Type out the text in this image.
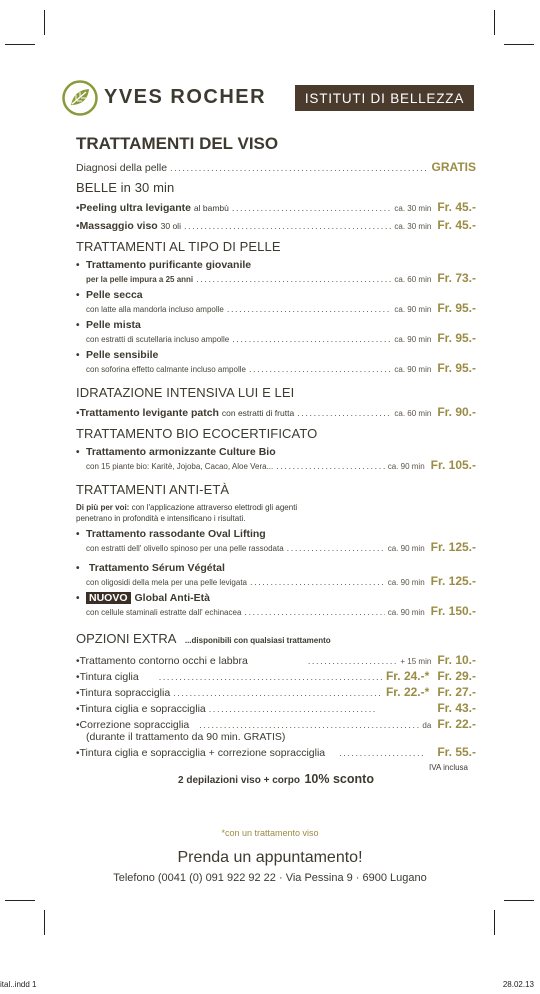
YVES ROCHER	ISTITUTI DI BELLEZZA
TRATTAMENTI DEL VISO
Diagnosi della pelle .....	GRATIS
BELLE in 30 min
• Peeling ultra levigante al bambù .....	ca. 30 min Fr. 45.-
• Massaggio viso 30 oli .....	ca. 30 min Fr. 45.-
TRATTAMENTI AL TIPO DI PELLE
• Trattamento purificante giovanile
per la pelle impura a 25 anni .....	ca. 60 min Fr. 73.-
• Pelle secca
con latte alla mandorla incluso ampolle .....	ca. 90 min Fr. 95.-
• Pelle mista
con estratti di scutellaria incluso ampolle .....	ca. 90 min Fr. 95.-
• Pelle sensibile
con soforina effetto calmante incluso ampolle .....	ca. 90 min Fr. 95.-
IDRATAZIONE INTENSIVA LUI E LEI
• Trattamento levigante patch con estratti di frutta .....	ca. 60 min Fr. 90.-
TRATTAMENTO BIO ECOCERTIFICATO
• Trattamento armonizzante Culture Bio
con 15 piante bio: Karitè, Jojoba, Cacao, Aloe Vera... .....	ca. 90 min Fr. 105.-
TRATTAMENTI ANTI-ETÀ
Di più per voi: con l'applicazione attraverso elettrodi gli agenti
penetrano in profondità e intensificano i risultati.
• Trattamento rassodante Oval Lifting
con estratti dell' olivello spinoso per una pelle rassodata .....	ca. 90 min Fr. 125.-
• Trattamento Sérum Végétal
con oligosidi della mela per una pelle levigata .....	ca. 90 min Fr. 125.-
• NUOVO Global Anti-Età
con cellule staminali estratte dall' echinacea .....	ca. 90 min Fr. 150.-
OPZIONI EXTRA ...disponibili con qualsiasi trattamento
• Trattamento contorno occhi e labbra .....	+ 15 min Fr. 10.-
• Tintura ciglia .....	Fr. 24.-* Fr. 29.-
• Tintura sopracciglia .....	Fr. 22.-* Fr. 27.-
• Tintura ciglia e sopracciglia .....	Fr. 43.-
• Correzione sopracciglia .....	da Fr. 22.-
(durante il trattamento da 90 min. GRATIS)
• Tintura ciglia e sopracciglia + correzione sopracciglia .....	Fr. 55.-
IVA inclusa
2 depilazioni viso + corpo 10% sconto
*con un trattamento viso
Prenda un appuntamento!
Telefono (0041 (0) 091 922 92 22 · Via Pessina 9 · 6900 Lugano
ital..indd 1	28.02.13
